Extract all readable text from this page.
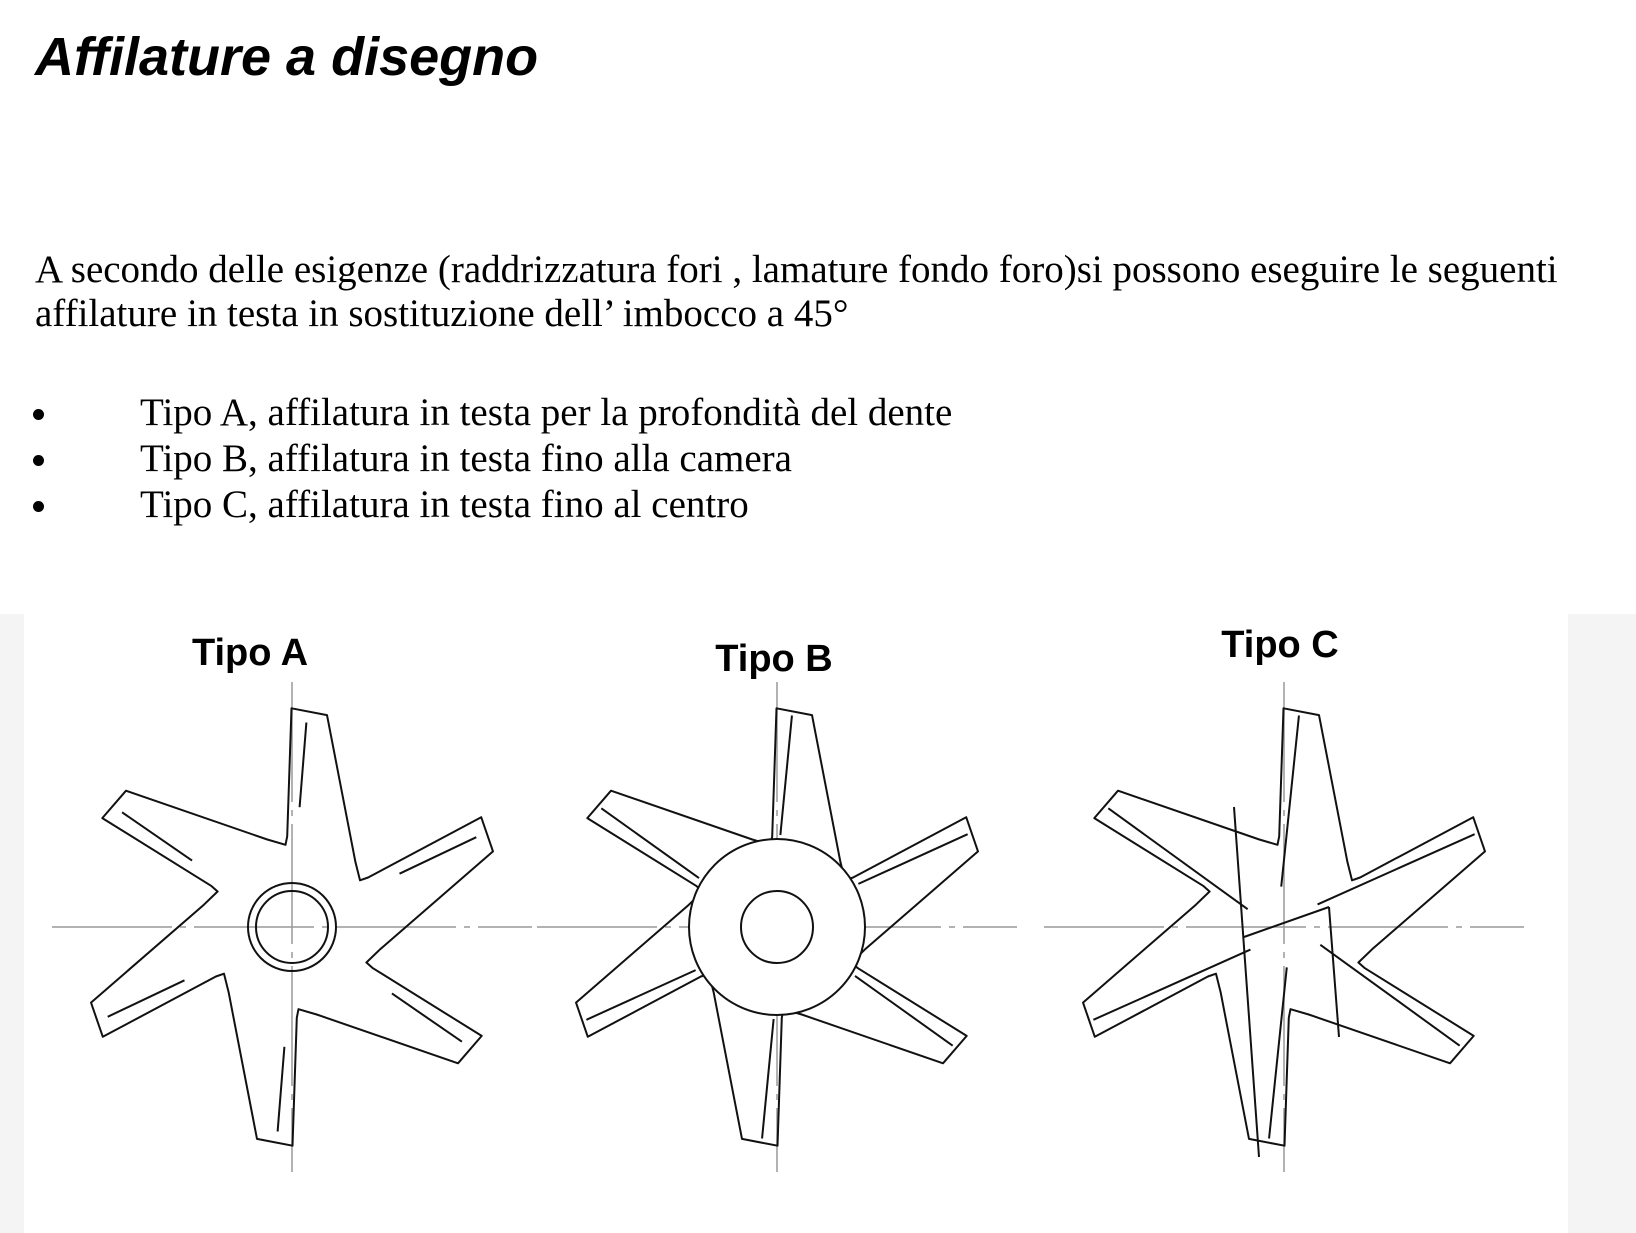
Affilature a disegno

A secondo delle esigenze (raddrizzatura fori , lamature fondo foro)si possono eseguire le seguenti affilature in testa in sostituzione dell’ imbocco a 45°

Tipo A, affilatura in testa per la profondità del dente
Tipo B, affilatura in testa fino alla camera
Tipo C, affilatura in testa fino al centro
Tipo A	Tipo B	Tipo C
